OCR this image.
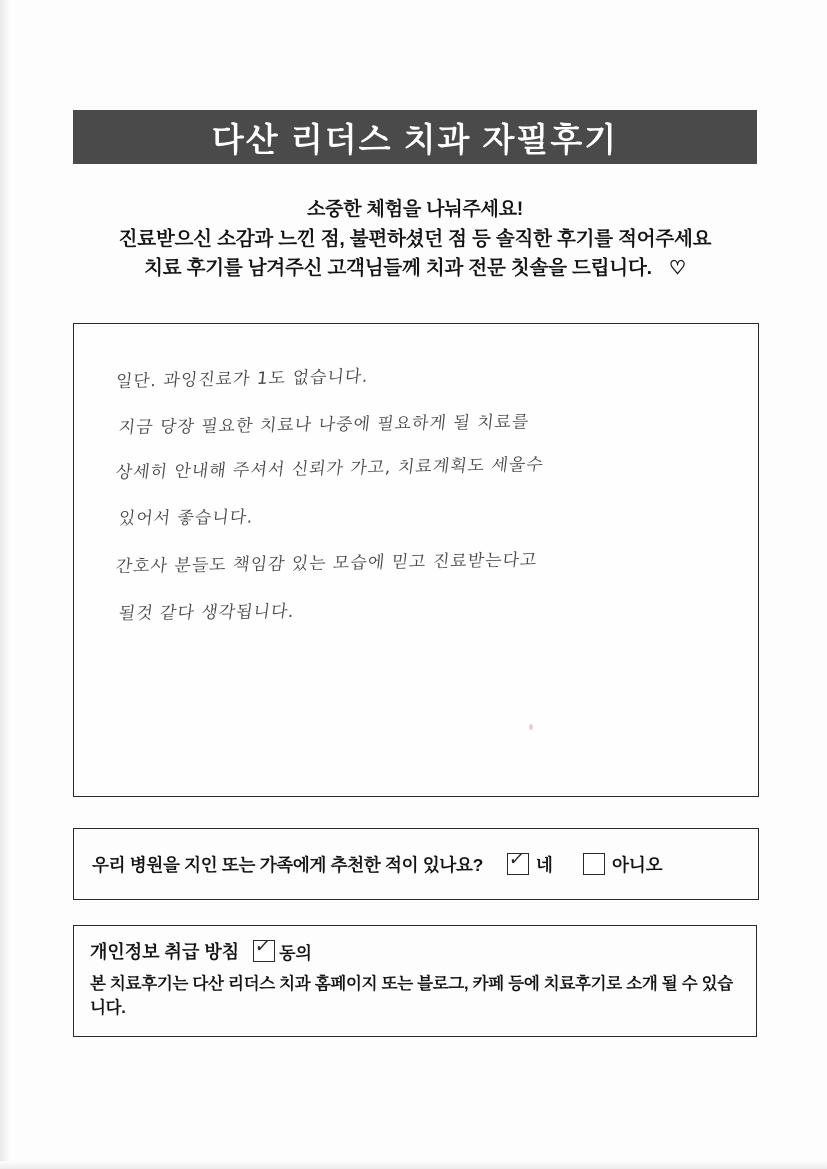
다산 리더스 치과 자필후기
소중한 체험을 나눠주세요!
진료받으신 소감과 느낀 점, 불편하셨던 점 등 솔직한 후기를 적어주세요
치료 후기를 남겨주신 고객님들께 치과 전문 칫솔을 드립니다. ♡
일단. 과잉진료가 1도 없습니다.
지금 당장 필요한 치료나 나중에 필요하게 될 치료를
상세히 안내해 주셔서 신뢰가 가고, 치료계획도 세울수
있어서 좋습니다.
간호사 분들도 책임감 있는 모습에 믿고 진료받는다고
될것 같다 생각됩니다.
우리 병원을 지인 또는 가족에게 추천한 적이 있나요? ✓ 네	아니오
개인정보 취급 방침 ✓ 동의
본 치료후기는 다산 리더스 치과 홈페이지 또는 블로그, 카페 등에 치료후기로 소개 될 수 있습니다.
